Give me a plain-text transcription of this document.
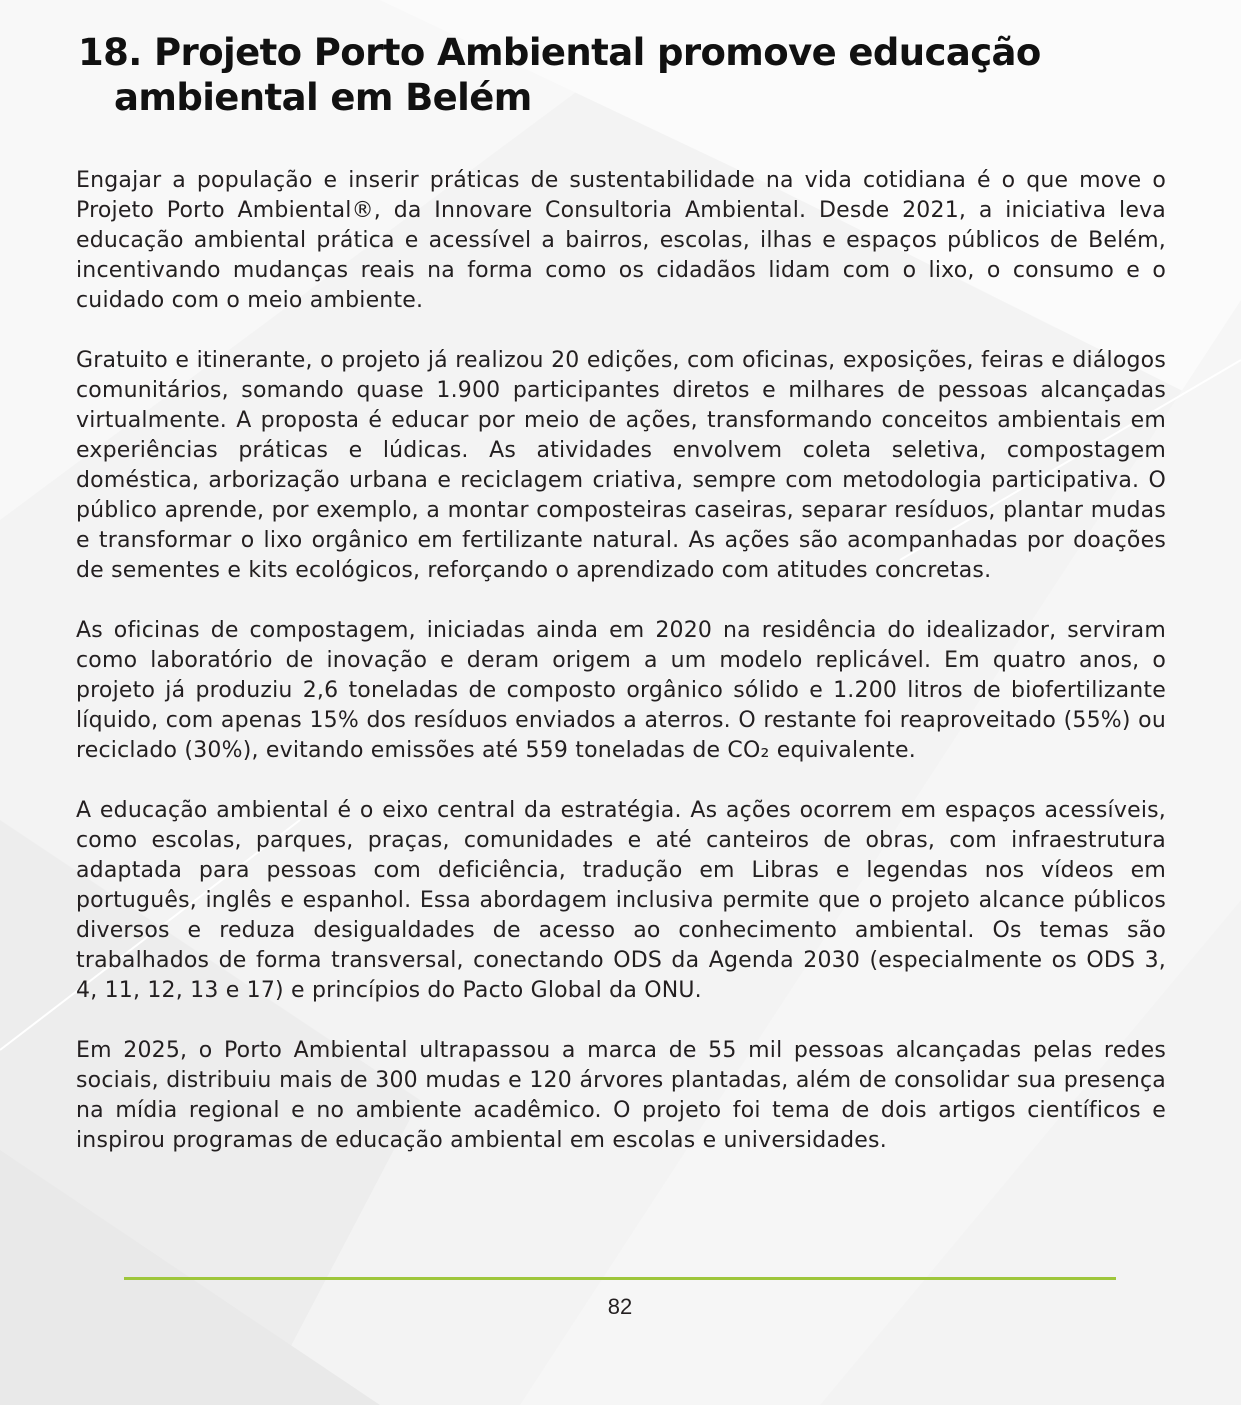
18. Projeto Porto Ambiental promove educação
ambiental em Belém

Engajar a população e inserir práticas de sustentabilidade na vida cotidiana é o que move o Projeto Porto Ambiental®, da Innovare Consultoria Ambiental. Desde 2021, a iniciativa leva educação ambiental prática e acessível a bairros, escolas, ilhas e espaços públicos de Belém, incentivando mudanças reais na forma como os cidadãos lidam com o lixo, o consumo e o cuidado com o meio ambiente.

Gratuito e itinerante, o projeto já realizou 20 edições, com oficinas, exposições, feiras e diálogos comunitários, somando quase 1.900 participantes diretos e milhares de pessoas alcançadas virtualmente. A proposta é educar por meio de ações, transformando conceitos ambientais em experiências práticas e lúdicas. As atividades envolvem coleta seletiva, compostagem doméstica, arborização urbana e reciclagem criativa, sempre com metodologia participativa. O público aprende, por exemplo, a montar composteiras caseiras, separar resíduos, plantar mudas e transformar o lixo orgânico em fertilizante natural. As ações são acompanhadas por doações de sementes e kits ecológicos, reforçando o aprendizado com atitudes concretas.

As oficinas de compostagem, iniciadas ainda em 2020 na residência do idealizador, serviram como laboratório de inovação e deram origem a um modelo replicável. Em quatro anos, o projeto já produziu 2,6 toneladas de composto orgânico sólido e 1.200 litros de biofertilizante líquido, com apenas 15% dos resíduos enviados a aterros. O restante foi reaproveitado (55%) ou reciclado (30%), evitando emissões até 559 toneladas de CO₂ equivalente.

A educação ambiental é o eixo central da estratégia. As ações ocorrem em espaços acessíveis, como escolas, parques, praças, comunidades e até canteiros de obras, com infraestrutura adaptada para pessoas com deficiência, tradução em Libras e legendas nos vídeos em português, inglês e espanhol. Essa abordagem inclusiva permite que o projeto alcance públicos diversos e reduza desigualdades de acesso ao conhecimento ambiental. Os temas são trabalhados de forma transversal, conectando ODS da Agenda 2030 (especialmente os ODS 3, 4, 11, 12, 13 e 17) e princípios do Pacto Global da ONU.

Em 2025, o Porto Ambiental ultrapassou a marca de 55 mil pessoas alcançadas pelas redes sociais, distribuiu mais de 300 mudas e 120 árvores plantadas, além de consolidar sua presença na mídia regional e no ambiente acadêmico. O projeto foi tema de dois artigos científicos e inspirou programas de educação ambiental em escolas e universidades.

82
